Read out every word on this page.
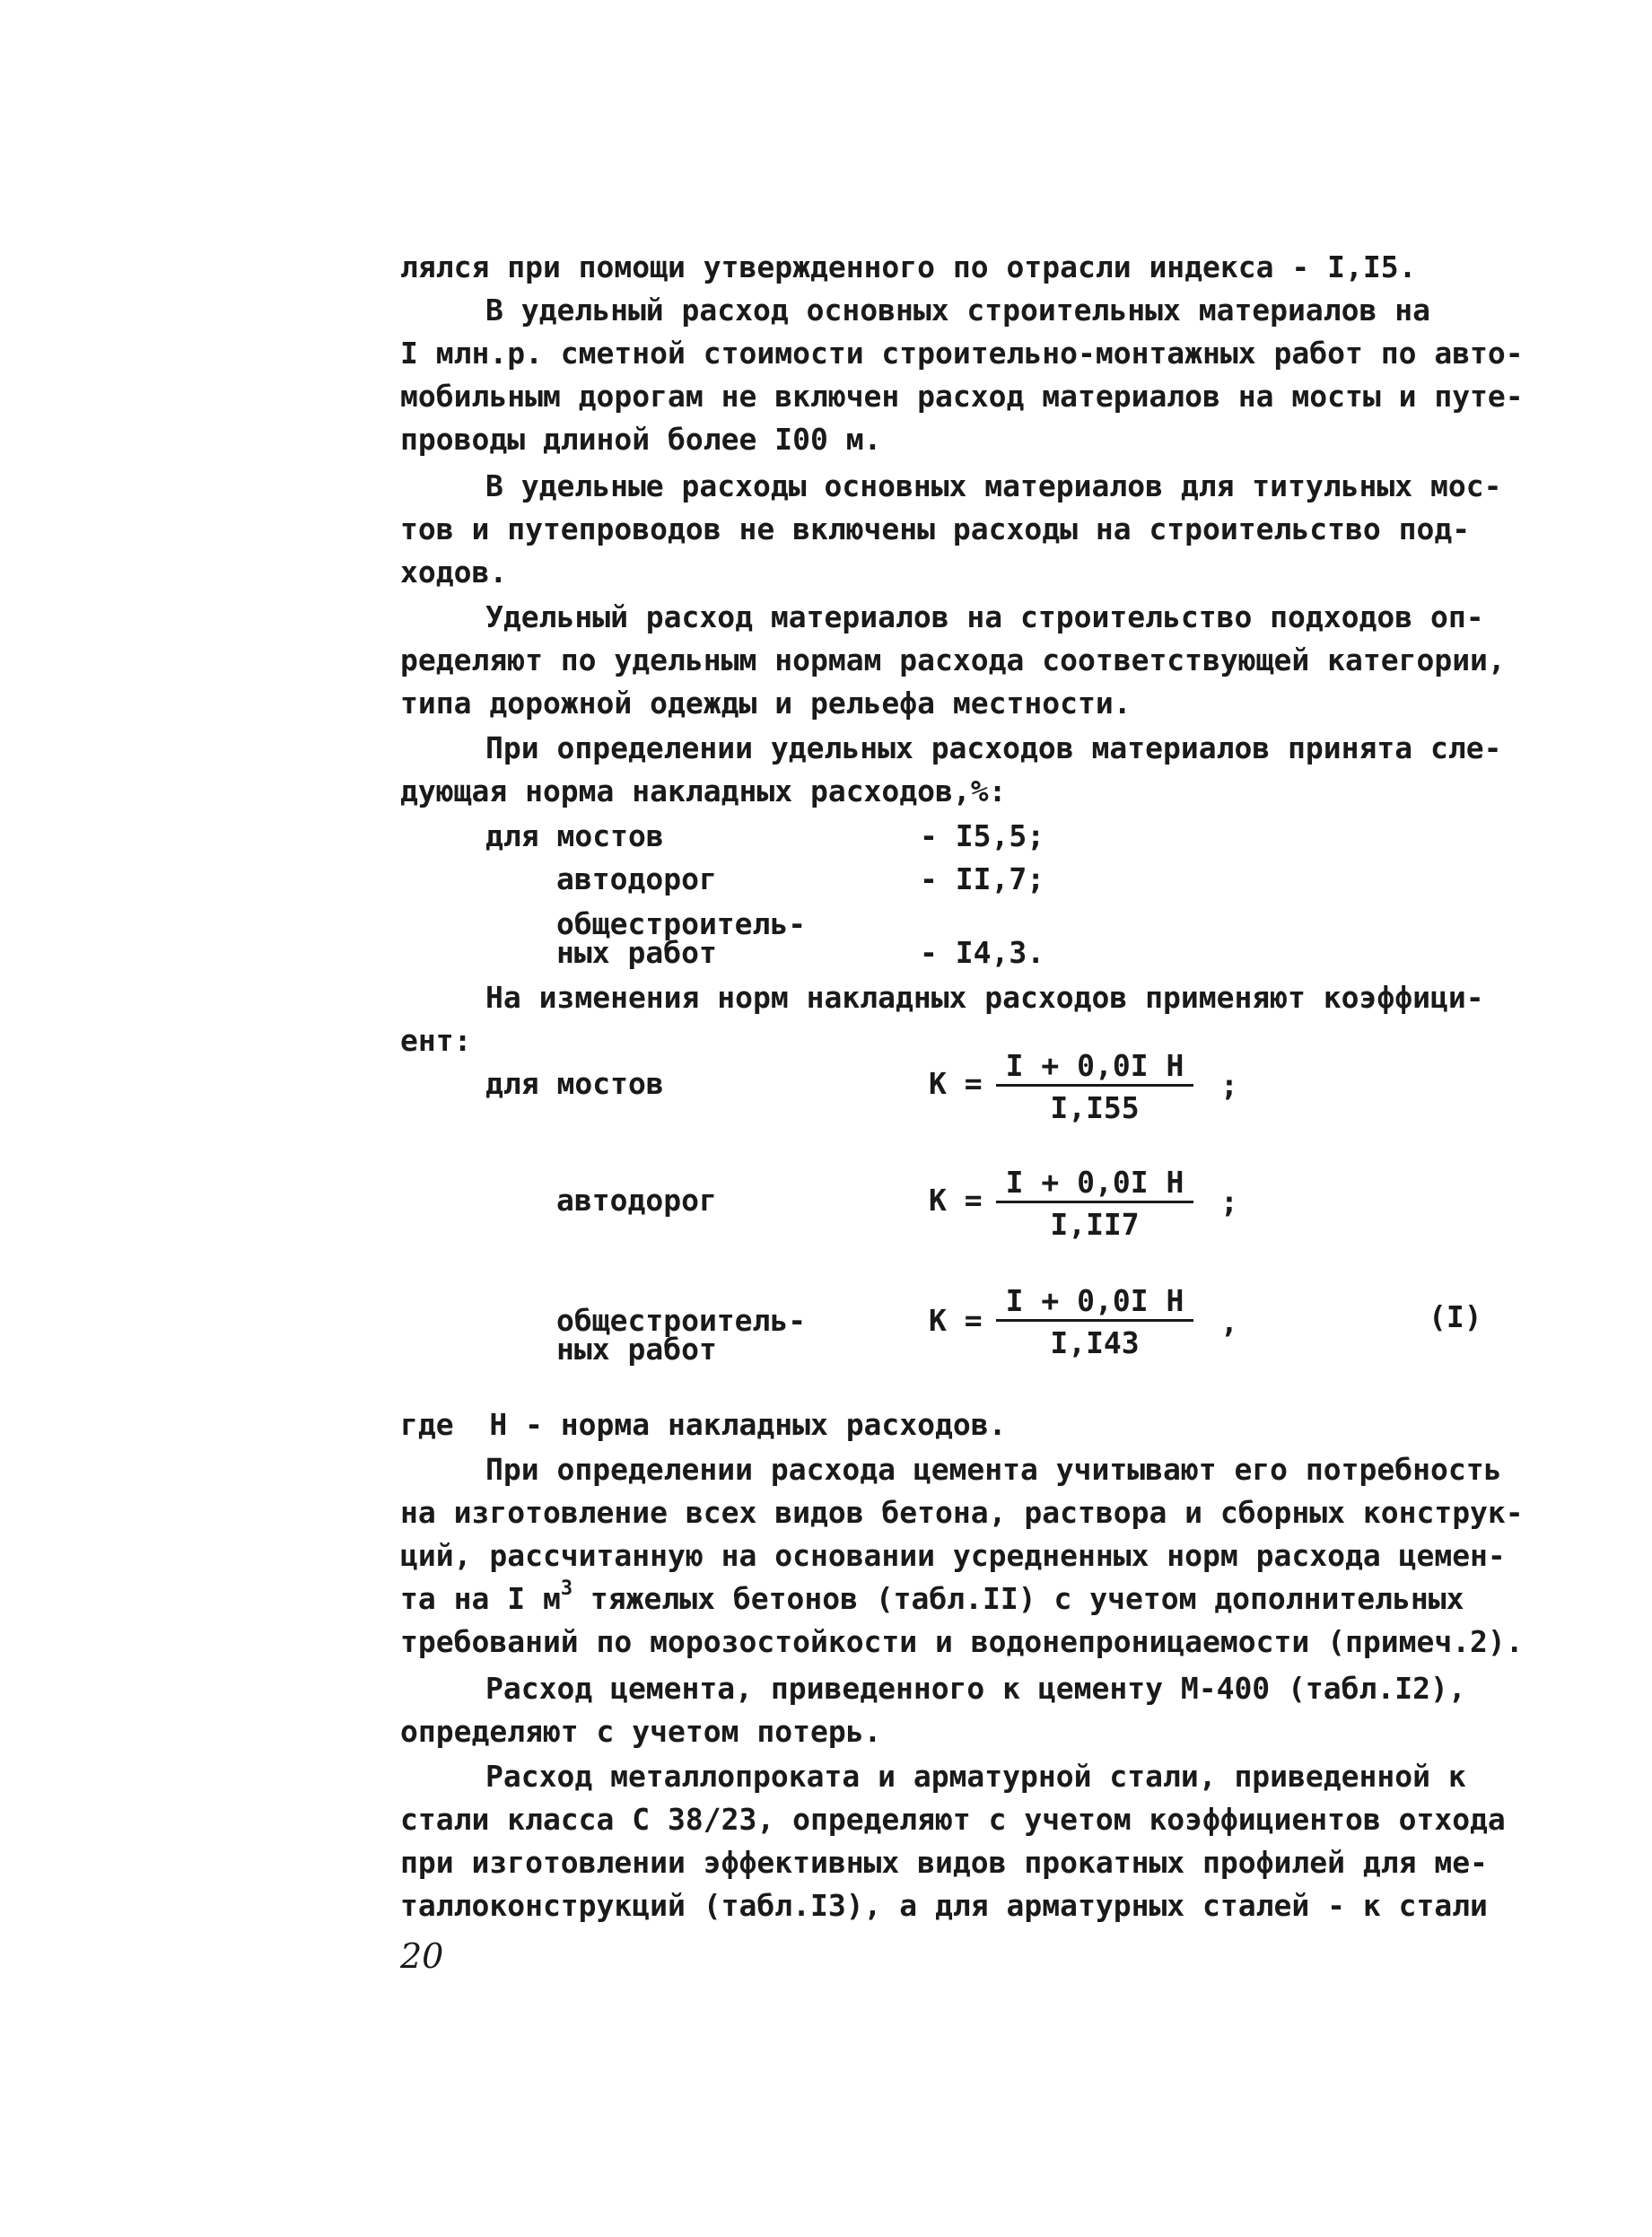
лялся при помощи утвержденного по отрасли индекса - I,I5.
В удельный расход основных строительных материалов на
I млн.р. сметной стоимости строительно-монтажных работ по авто-
мобильным дорогам не включен расход материалов на мосты и путе-
проводы длиной более I00 м.
В удельные расходы основных материалов для титульных мос-
тов и путепроводов не включены расходы на строительство под-
ходов.
Удельный расход материалов на строительство подходов оп-
ределяют по удельным нормам расхода соответствующей категории,
типа дорожной одежды и рельефа местности.
При определении удельных расходов материалов принята сле-
дующая норма накладных расходов,%:
для мостов	- I5,5;
автодорог	- II,7;
общестроитель-
ных работ	- I4,3.
На изменения норм накладных расходов применяют коэффици-
ент:
для мостов	К =
I + 0,0I Н
I,I55
;
автодорог	К =
I + 0,0I Н
I,II7
;
общестроитель-
ных работ
К =
I + 0,0I Н
I,I43
,	(I)
где  Н - норма накладных расходов.
При определении расхода цемента учитывают его потребность
на изготовление всех видов бетона, раствора и сборных конструк-
ций, рассчитанную на основании усредненных норм расхода цемен-
та на I $м^3$ тяжелых бетонов (табл.II) с учетом дополнительных
требований по морозостойкости и водонепроницаемости (примеч.2).
Расход цемента, приведенного к цементу М-400 (табл.I2),
определяют с учетом потерь.
Расход металлопроката и арматурной стали, приведенной к
стали класса С 38/23, определяют с учетом коэффициентов отхода
при изготовлении эффективных видов прокатных профилей для ме-
таллоконструкций (табл.I3), а для арматурных сталей - к стали
20
